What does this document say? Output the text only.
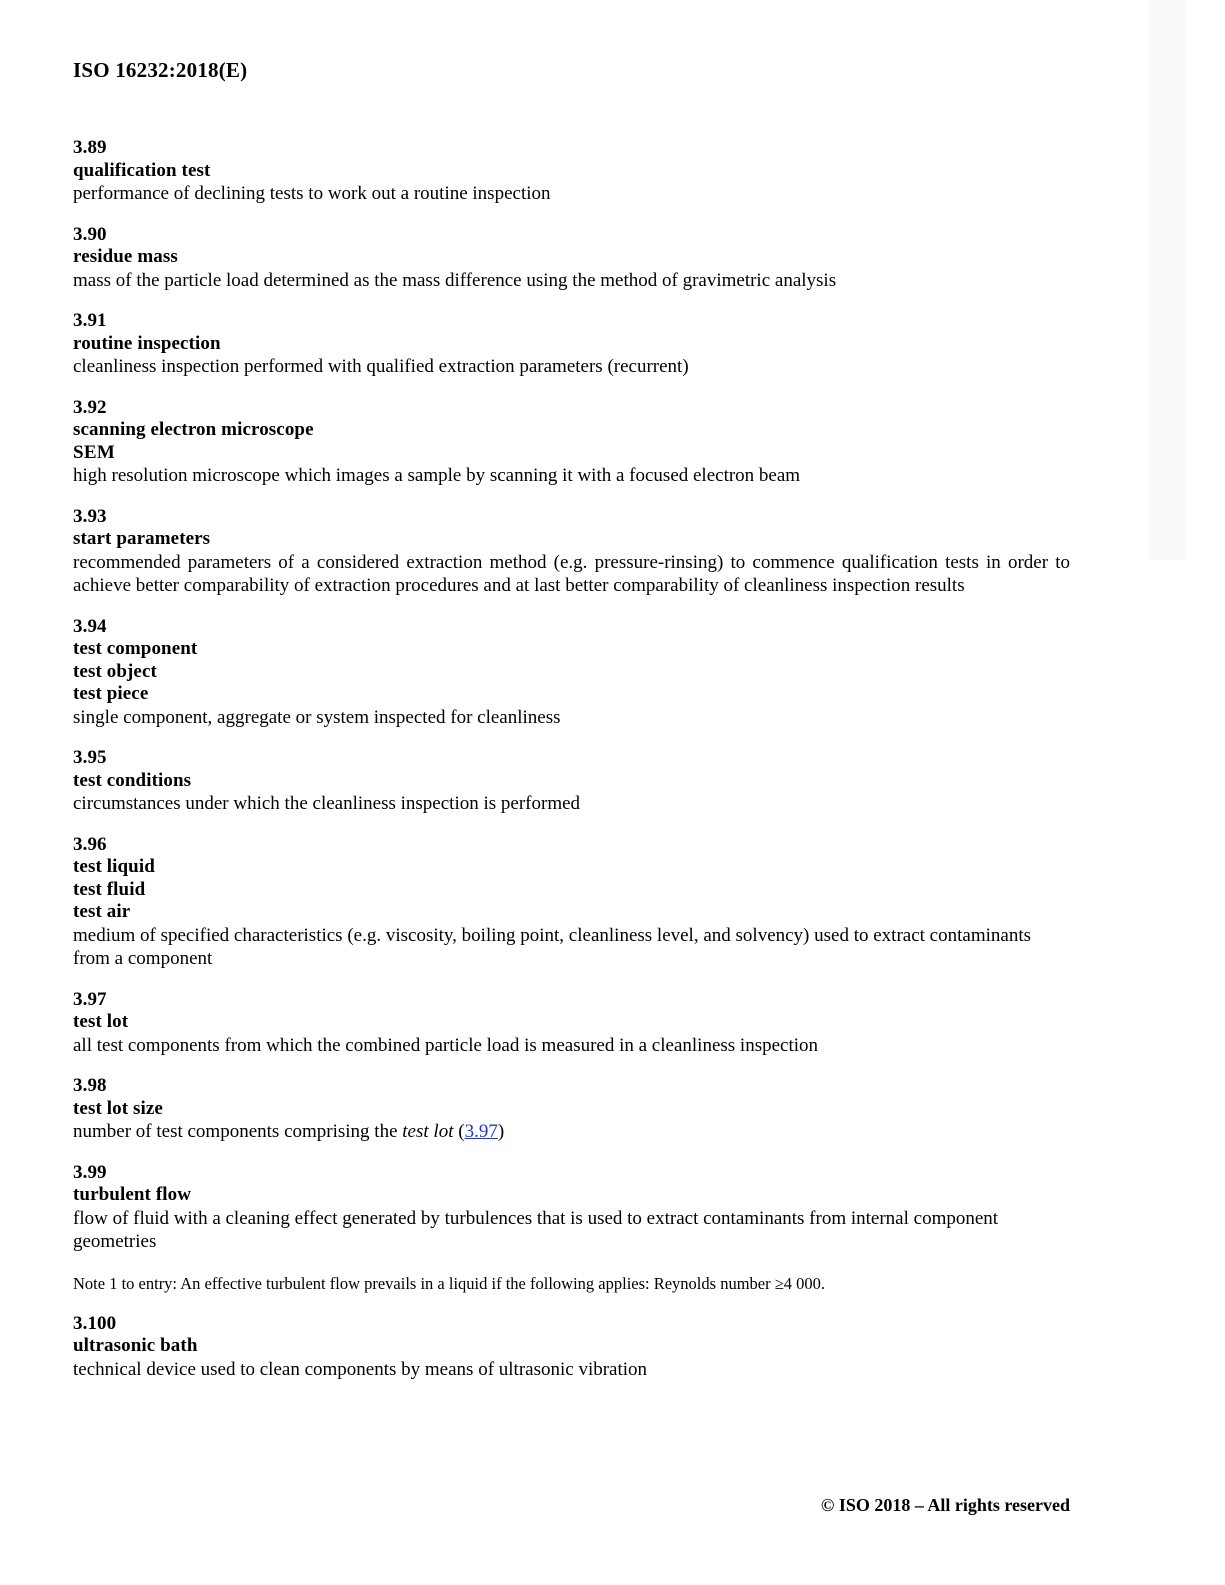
ISO 16232:2018(E)
3.89
qualification test
performance of declining tests to work out a routine inspection
3.90
residue mass
mass of the particle load determined as the mass difference using the method of gravimetric analysis
3.91
routine inspection
cleanliness inspection performed with qualified extraction parameters (recurrent)
3.92
scanning electron microscope
SEM
high resolution microscope which images a sample by scanning it with a focused electron beam
3.93
start parameters
recommended parameters of a considered extraction method (e.g. pressure-rinsing) to commence qualification tests in order to achieve better comparability of extraction procedures and at last better comparability of cleanliness inspection results
3.94
test component
test object
test piece
single component, aggregate or system inspected for cleanliness
3.95
test conditions
circumstances under which the cleanliness inspection is performed
3.96
test liquid
test fluid
test air
medium of specified characteristics (e.g. viscosity, boiling point, cleanliness level, and solvency) used to extract contaminants from a component
3.97
test lot
all test components from which the combined particle load is measured in a cleanliness inspection
3.98
test lot size
number of test components comprising the test lot (3.97)
3.99
turbulent flow
flow of fluid with a cleaning effect generated by turbulences that is used to extract contaminants from internal component geometries
Note 1 to entry: An effective turbulent flow prevails in a liquid if the following applies: Reynolds number ≥4 000.
3.100
ultrasonic bath
technical device used to clean components by means of ultrasonic vibration
© ISO 2018 – All rights reserved
